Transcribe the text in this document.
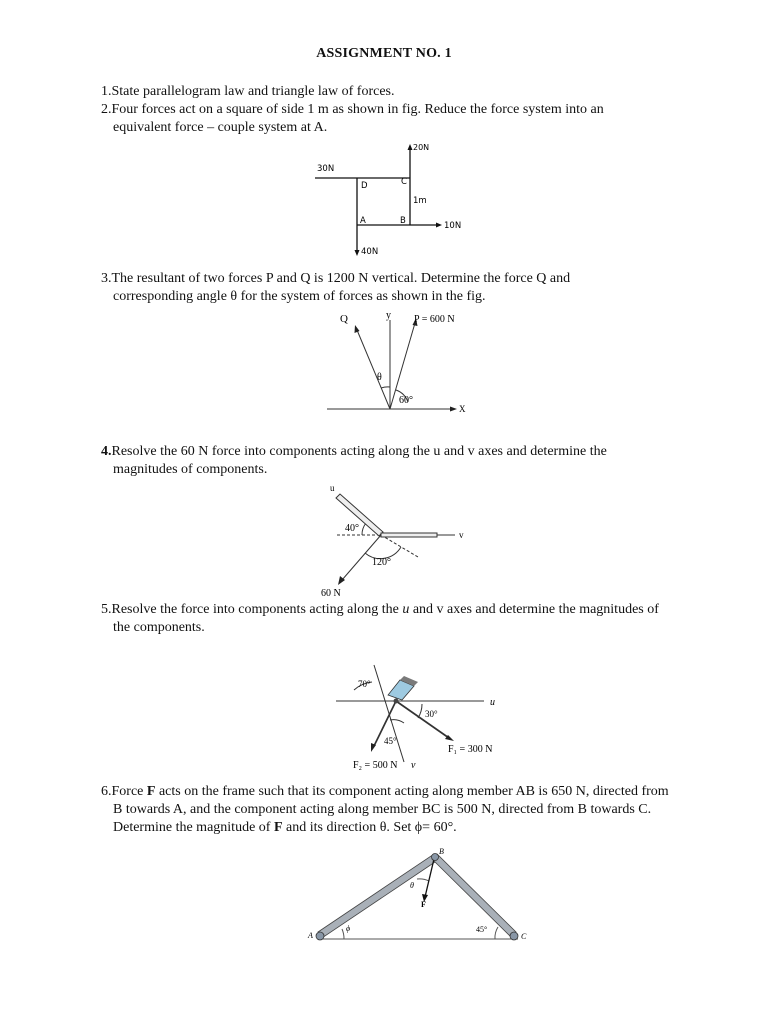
ASSIGNMENT NO. 1
1.State parallelogram law and triangle law of forces.
2.Four forces act on a square of side 1 m as shown in fig. Reduce the force system into an
equivalent force – couple system at A.
20N
30N
10N
40N
D	C
A	B
1m
3.The resultant of two forces P and Q is 1200 N vertical. Determine the force Q and
corresponding angle θ for the system of forces as shown in the fig.
Q	y P = 600 N
θ
60°
X
4.Resolve the 60 N force into components acting along the u and v axes and determine the
magnitudes of components.
u
v
40°
120°
60 N
5.Resolve the force into components acting along the u and v axes and determine the magnitudes of
the components.
70°
30°
45°
u
v
F₁ = 300 N
F₂ = 500 N
6.Force F acts on the frame such that its component acting along member AB is 650 N, directed from
B towards A, and the component acting along member BC is 500 N, directed from B towards C.
Determine the magnitude of F and its direction θ. Set ϕ= 60°.
A
B
C
F
θ
ϕ	45°
